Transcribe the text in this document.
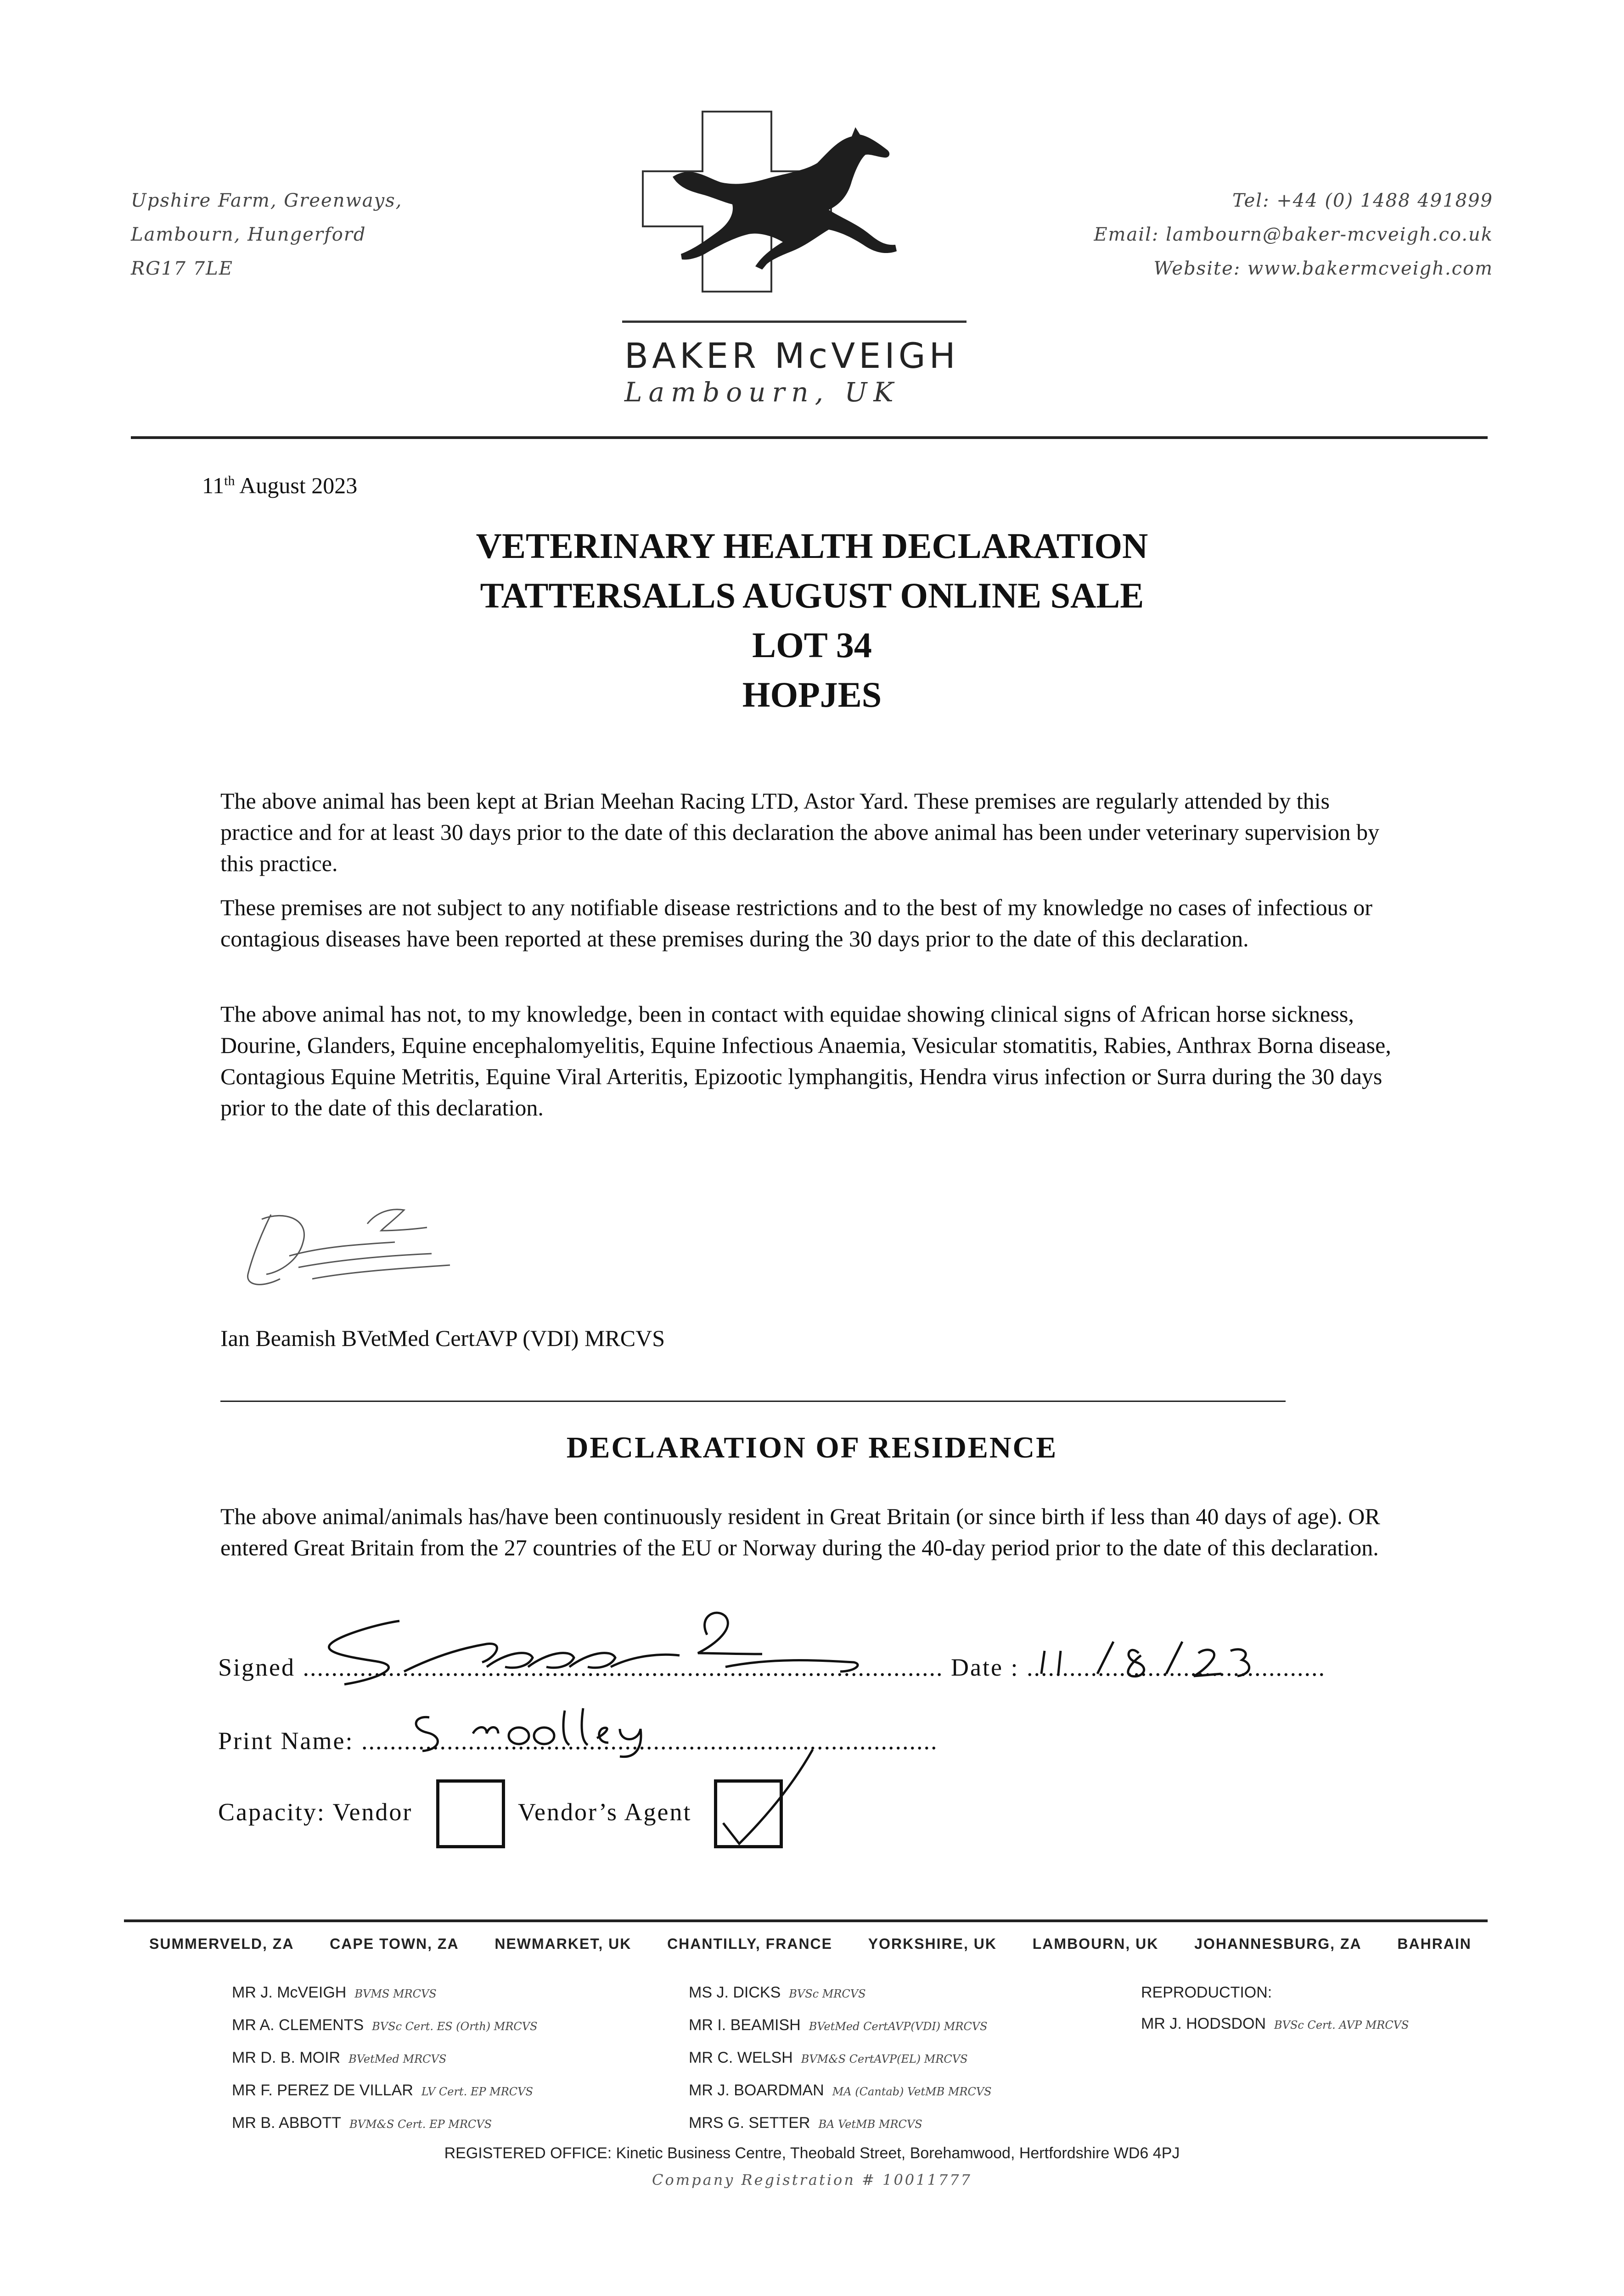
Upshire Farm, Greenways,
Lambourn, Hungerford
RG17 7LE
BAKER McVEIGH
Lambourn, UK
Tel: +44 (0) 1488 491899
Email: lambourn@baker-mcveigh.co.uk
Website: www.bakermcveigh.com
11th August 2023
VETERINARY HEALTH DECLARATION
TATTERSALLS AUGUST ONLINE SALE
LOT 34
HOPJES
The above animal has been kept at Brian Meehan Racing LTD, Astor Yard. These premises are regularly attended by this practice and for at least 30 days prior to the date of this declaration the above animal has been under veterinary supervision by this practice.
These premises are not subject to any notifiable disease restrictions and to the best of my knowledge no cases of infectious or contagious diseases have been reported at these premises during the 30 days prior to the date of this declaration.
The above animal has not, to my knowledge, been in contact with equidae showing clinical signs of African horse sickness, Dourine, Glanders, Equine encephalomyelitis, Equine Infectious Anaemia, Vesicular stomatitis, Rabies, Anthrax Borna disease, Contagious Equine Metritis, Equine Viral Arteritis, Epizootic lymphangitis, Hendra virus infection or Surra during the 30 days prior to the date of this declaration.
Ian Beamish BVetMed CertAVP (VDI) MRCVS
DECLARATION OF RESIDENCE
The above animal/animals has/have been continuously resident in Great Britain (or since birth if less than 40 days of age). OR entered Great Britain from the 27 countries of the EU or Norway during the 40-day period prior to the date of this declaration.
Signed .......................................................................................... Date : ..........................................
Print Name: .................................................................................
Capacity: Vendor	Vendor’s Agent
SUMMERVELD, ZA CAPE TOWN, ZA NEWMARKET, UK CHANTILLY, FRANCE YORKSHIRE, UK LAMBOURN, UK JOHANNESBURG, ZA BAHRAIN
MR J. McVEIGH BVMS MRCVS
MR A. CLEMENTS BVSc Cert. ES (Orth) MRCVS
MR D. B. MOIR BVetMed MRCVS
MR F. PEREZ DE VILLAR LV Cert. EP MRCVS
MR B. ABBOTT BVM&S Cert. EP MRCVS
MS J. DICKS BVSc MRCVS
MR I. BEAMISH BVetMed CertAVP(VDI) MRCVS
MR C. WELSH BVM&S CertAVP(EL) MRCVS
MR J. BOARDMAN MA (Cantab) VetMB MRCVS
MRS G. SETTER BA VetMB MRCVS
REPRODUCTION:
MR J. HODSDON BVSc Cert. AVP MRCVS
REGISTERED OFFICE: Kinetic Business Centre, Theobald Street, Borehamwood, Hertfordshire WD6 4PJ
Company Registration # 10011777
